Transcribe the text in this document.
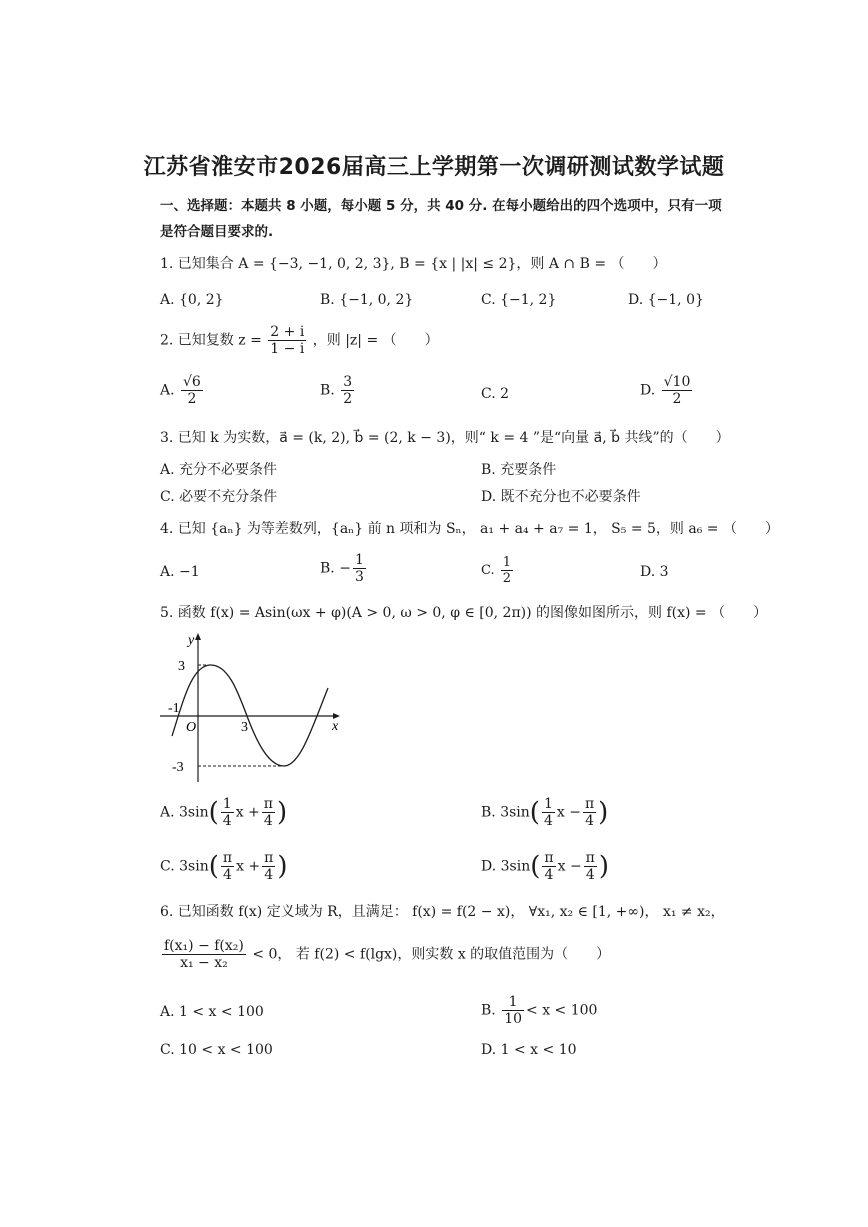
江苏省淮安市2026届高三上学期第一次调研测试数学试题
一、选择题：本题共 8 小题，每小题 5 分，共 40 分. 在每小题给出的四个选项中，只有一项
是符合题目要求的.
1. 已知集合 A = {−3, −1, 0, 2, 3}, B = {x | |x| ≤ 2}，则 A ∩ B = （　　）
A. {0, 2}	B. {−1, 0, 2}	C. {−1, 2}	D. {−1, 0}
2. 已知复数 $z = \frac{2 + i}{1 - i}$ ，则 |z| = （　　）
A. $\frac{√6}{2}$	B. $\frac{3}{2}$	C. 2	D. $\frac{√10}{2}$
3. 已知 k 为实数，a⃗ = (k, 2), b⃗ = (2, k − 3)，则“ k = 4 ”是“向量 a⃗, b⃗ 共线”的（　　）
A. 充分不必要条件	B. 充要条件
C. 必要不充分条件	D. 既不充分也不必要条件
4. 已知 {aₙ} 为等差数列，{aₙ} 前 n 项和为 Sₙ， a₁ + a₄ + a₇ = 1， S₅ = 5，则 a₆ = （　　）
A. −1	B. − $\frac{1}{3}$	C. $\frac{1}{2}$	D. 3
5. 函数 f(x) = Asin(ωx + φ)(A > 0, ω > 0, φ ∈ [0, 2π)) 的图像如图所示，则 f(x) = （　　）
y
x
O
3
-3
-1
3
A. $3\sin( \frac{1}{4}$ $x + \frac{\pi}{4}$ )	B. $3\sin( \frac{1}{4}$ $x - \frac{\pi}{4}$ )
C. $3\sin( \frac{\pi}{4}$ $x + \frac{\pi}{4}$ )	D. $3\sin( \frac{\pi}{4}$ $x - \frac{\pi}{4}$ )
6. 已知函数 f(x) 定义域为 R，且满足： f(x) = f(2 − x)， ∀x₁, x₂ ∈ [1, +∞)， x₁ ≠ x₂，
$\frac{\text{f(x₁) − f(x₂)}}{\text{x₁ − x₂}} < 0$， 若 f(2) < f(lgx)，则实数 x 的取值范围为（　　）
A. 1 < x < 100	B. $\frac{1}{10} < x < 100$
C. 10 < x < 100	D. 1 < x < 10
